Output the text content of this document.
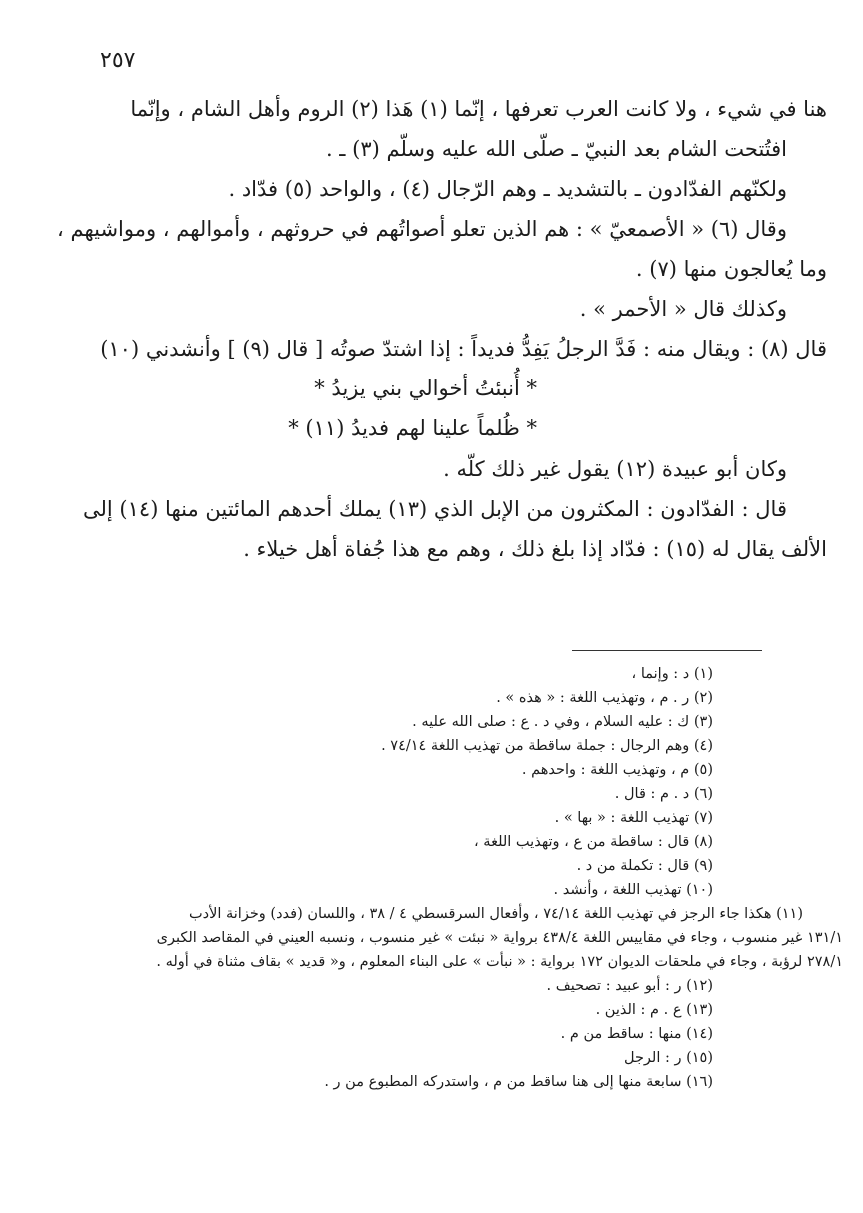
٢٥٧
هنا في شيء ، ولا كانت العرب تعرفها ، إنّما (١) هَذا (٢) الروم وأهل الشام ، وإنّما
افتُتحت الشام بعد النبيّ ـ صلّى الله عليه وسلّم (٣) ـ .
ولكنّهم الفدّادون ـ بالتشديد ـ وهم الرّجال (٤) ، والواحد (٥) فدّاد .
وقال (٦) « الأصمعيّ » : هم الذين تعلو أصواتُهم في حروثهم ، وأموالهم ، ومواشيهم ،
وما يُعالجون منها (٧) .
وكذلك قال « الأحمر » .
قال (٨) : ويقال منه : فَدَّ الرجلُ يَفِدُّ فديداً : إذا اشتدّ صوتُه [ قال (٩) ] وأنشدني (١٠)
* أُنبئتُ أخوالي بني يزيدُ *
* ظُلماً علينا لهم فديدُ (١١) *
وكان أبو عبيدة (١٢) يقول غير ذلك كلّه .
قال : الفدّادون : المكثرون من الإبل الذي (١٣) يملك أحدهم المائتين منها (١٤) إلى
الألف يقال له (١٥) : فدّاد إذا بلغ ذلك ، وهم مع هذا جُفاة أهل خيلاء .
(١) د : وإنما ،
(٢) ر . م ، وتهذيب اللغة : « هذه » .
(٣) ك : عليه السلام ، وفي د . ع : صلى الله عليه .
(٤) وهم الرجال : جملة ساقطة من تهذيب اللغة ٧٤/١٤ .
(٥) م ، وتهذيب اللغة : واحدهم .
(٦) د . م : قال .
(٧) تهذيب اللغة : « بها » .
(٨) قال : ساقطة من ع ، وتهذيب اللغة ،
(٩) قال : تكملة من د .
(١٠) تهذيب اللغة ، وأنشد .
(١١) هكذا جاء الرجز في تهذيب اللغة ٧٤/١٤ ، وأفعال السرقسطي ٤ / ٣٨ ، واللسان (فدد) وخزانة الأدب
١٣١/١ غير منسوب ، وجاء في مقاييس اللغة ٤٣٨/٤ برواية « نبئت » غير منسوب ، ونسبه العيني في المقاصد الكبرى
٢٧٨/١ لرؤبة ، وجاء في ملحقات الديوان ١٧٢ برواية : « نبأت » على البناء المعلوم ، و« قديد » بقاف مثناة في أوله .
(١٢) ر : أبو عبيد : تصحيف .
(١٣) ع . م : الذين .
(١٤) منها : ساقط من م .
(١٥) ر : الرجل
(١٦) سابعة منها إلى هنا ساقط من م ، واستدركه المطبوع من ر .
